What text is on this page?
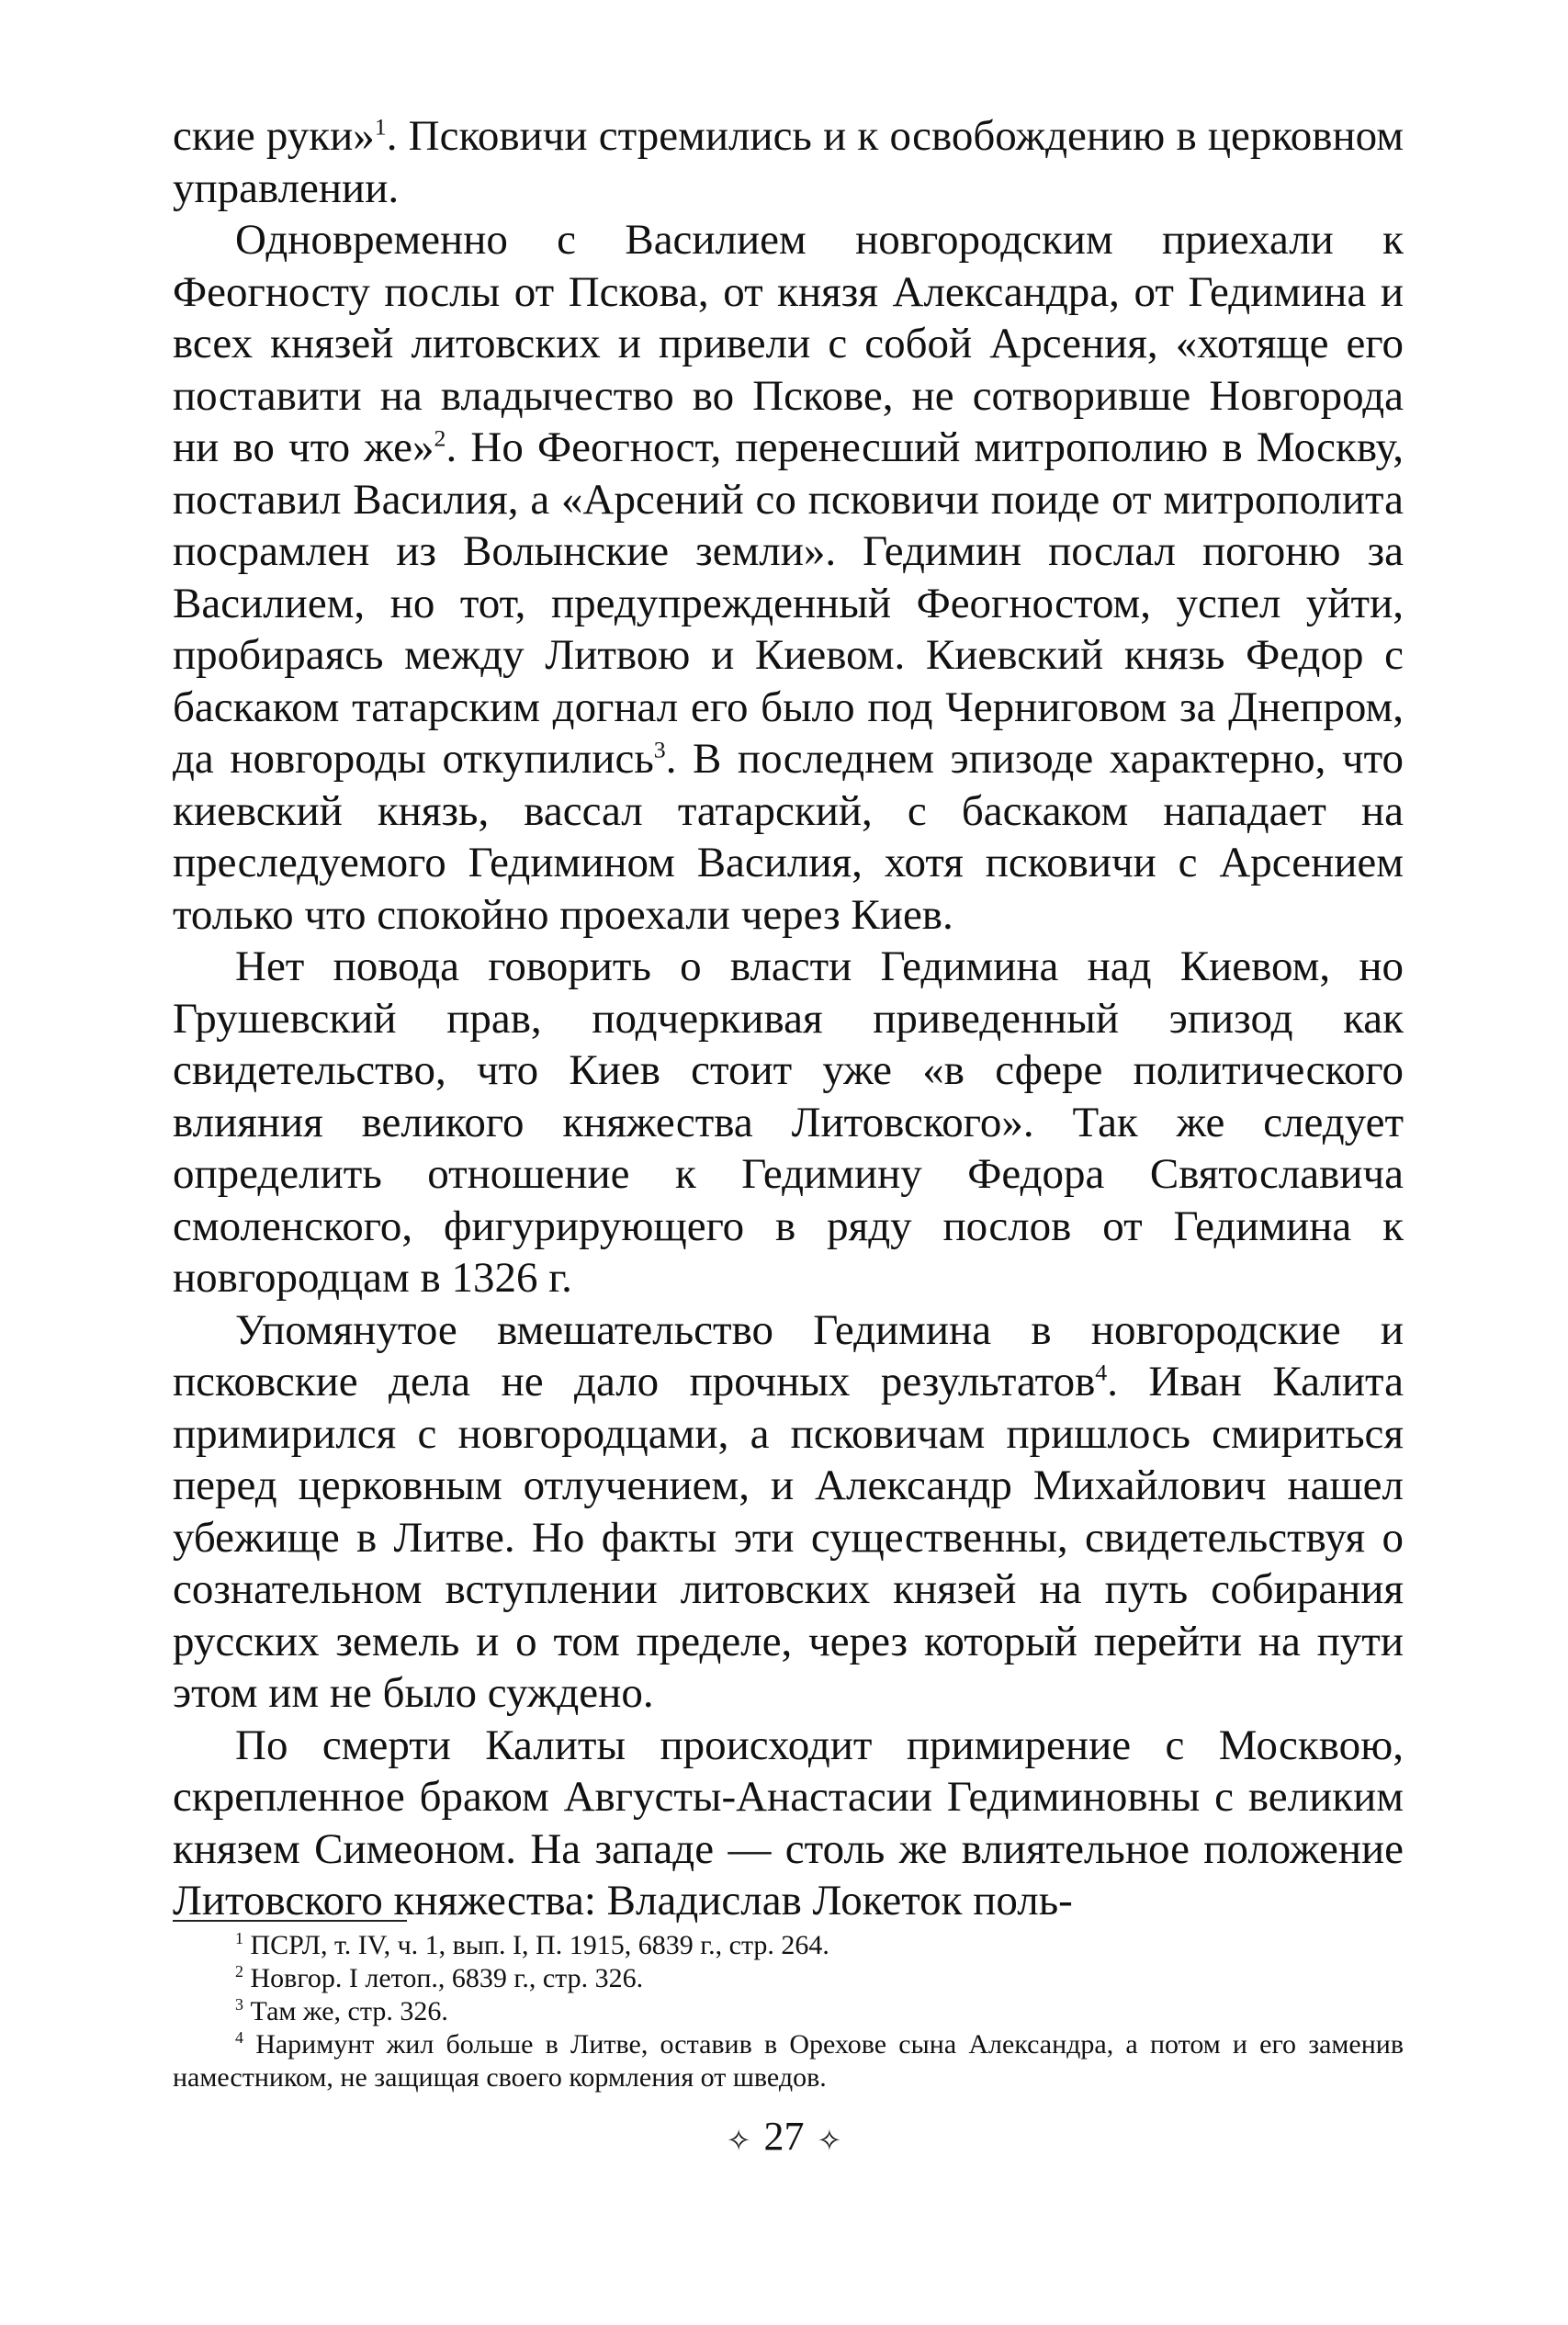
ские руки»$^1$. Псковичи стремились и к освобождению в церковном управлении.

Одновременно с Василием новгородским приехали к Феогносту послы от Пскова, от князя Александра, от Гедимина и всех князей литовских и привели с собой Арсения, «хотяще его поставити на владычество во Пскове, не сотворивше Новгорода ни во что же»$^2$. Но Феогност, перенесший митрополию в Москву, поставил Василия, а «Арсений со псковичи поиде от митрополита посрамлен из Волынские земли». Гедимин послал погоню за Василием, но тот, предупрежденный Феогностом, успел уйти, пробираясь между Литвою и Киевом. Киевский князь Федор с баскаком татарским догнал его было под Черниговом за Днепром, да новгороды откупились$^3$. В последнем эпизоде характерно, что киевский князь, вассал татарский, с баскаком нападает на преследуемого Гедимином Василия, хотя псковичи с Арсением только что спокойно проехали через Киев.

Нет повода говорить о власти Гедимина над Киевом, но Грушевский прав, подчеркивая приведенный эпизод как свидетельство, что Киев стоит уже «в сфере политического влияния великого княжества Литовского». Так же следует определить отношение к Гедимину Федора Святославича смоленского, фигурирующего в ряду послов от Гедимина к новгородцам в 1326 г.

Упомянутое вмешательство Гедимина в новгородские и псковские дела не дало прочных результатов$^4$. Иван Калита примирился с новгородцами, а псковичам пришлось смириться перед церковным отлучением, и Александр Михайлович нашел убежище в Литве. Но факты эти существенны, свидетельствуя о сознательном вступлении литовских князей на путь собирания русских земель и о том пределе, через который перейти на пути этом им не было суждено.

По смерти Калиты происходит примирение с Москвою, скрепленное браком Августы-Анастасии Гедиминовны с великим князем Симеоном. На западе — столь же влиятельное положение Литовского княжества: Владислав Локеток поль-

$^1$ ПСРЛ, т. IV, ч. 1, вып. I, П. 1915, 6839 г., стр. 264.

$^2$ Новгор. I летоп., 6839 г., стр. 326.

$^3$ Там же, стр. 326.

$^4$ Наримунт жил больше в Литве, оставив в Орехове сына Александра, а потом и его заменив наместником, не защищая своего кормления от шведов.

✧ 27 ✧
